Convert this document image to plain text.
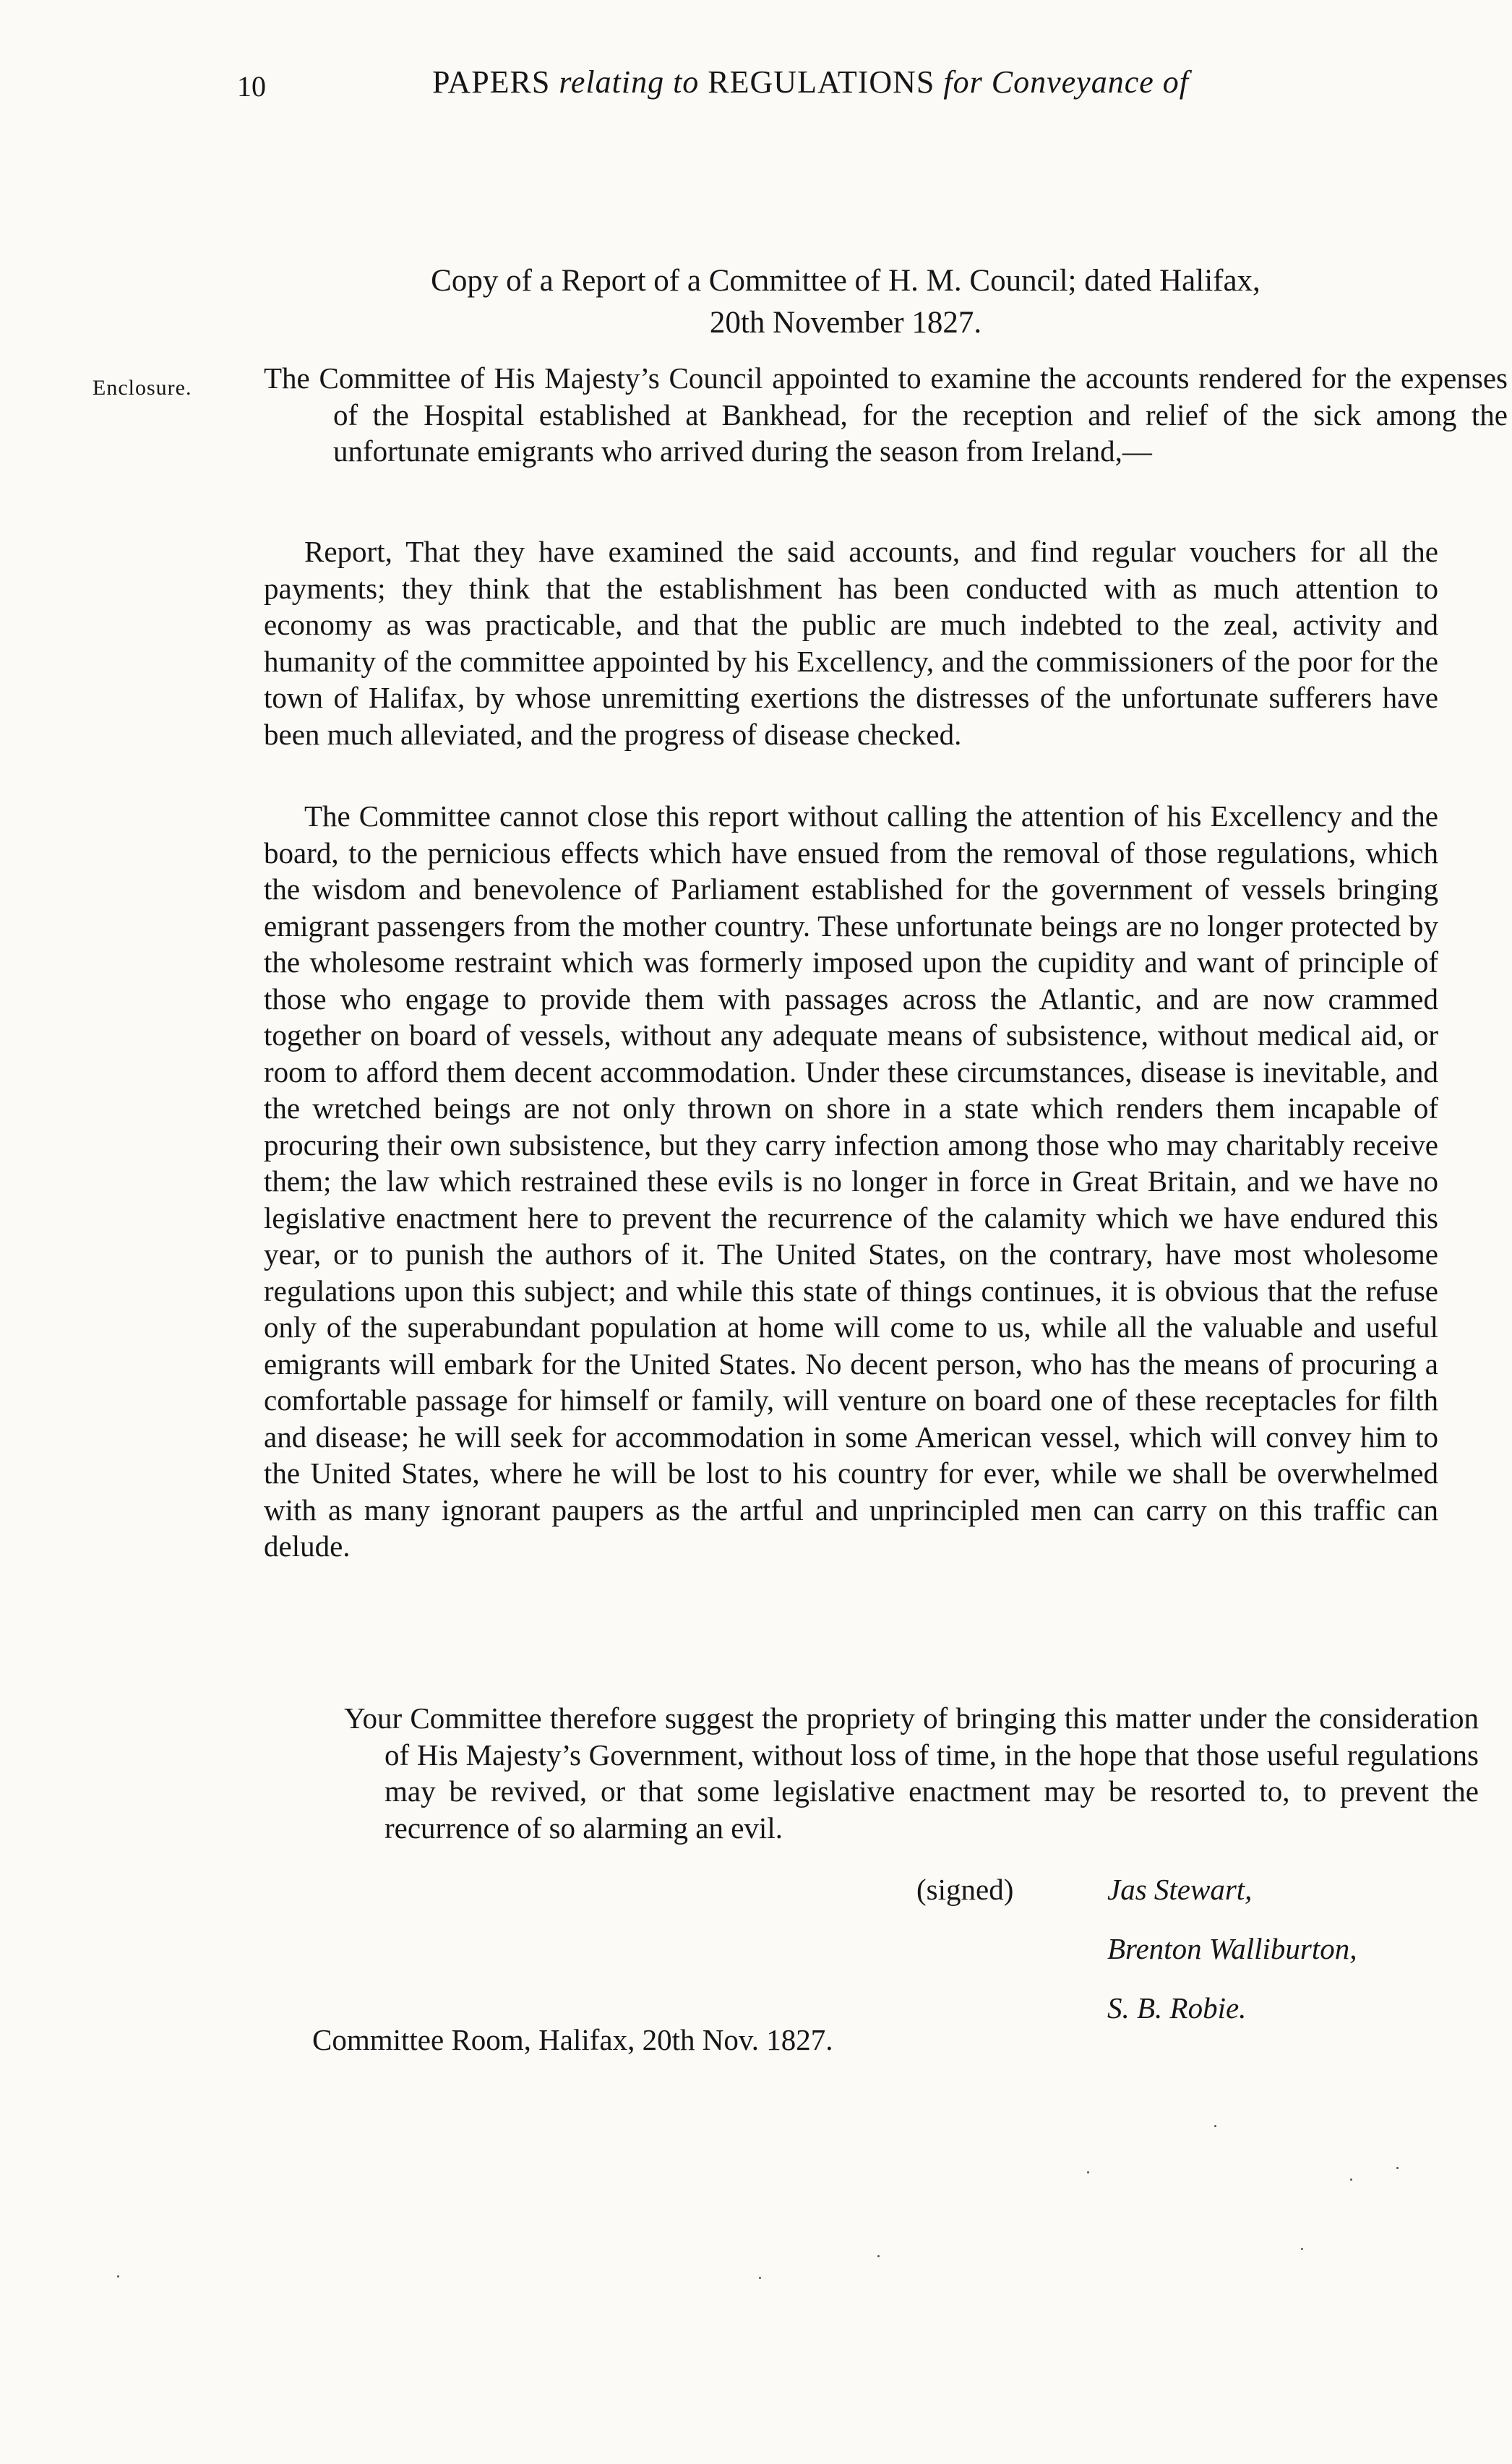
10	PAPERS relating to REGULATIONS for Conveyance of
Copy of a Report of a Committee of H. M. Council; dated Halifax,
20th November 1827.
Enclosure. The Committee of His Majesty’s Council appointed to examine the accounts rendered for the expenses of the Hospital established at Bankhead, for the reception and relief of the sick among the unfortunate emigrants who arrived during the season from Ireland,—

Report, That they have examined the said accounts, and find regular vouchers for all the payments; they think that the establishment has been conducted with as much attention to economy as was practicable, and that the public are much indebted to the zeal, activity and humanity of the committee appointed by his Excellency, and the commissioners of the poor for the town of Halifax, by whose unremitting exertions the distresses of the unfortunate sufferers have been much alleviated, and the progress of disease checked.

The Committee cannot close this report without calling the attention of his Excellency and the board, to the pernicious effects which have ensued from the removal of those regulations, which the wisdom and benevolence of Parliament established for the government of vessels bringing emigrant passengers from the mother country. These unfortunate beings are no longer protected by the wholesome restraint which was formerly imposed upon the cupidity and want of principle of those who engage to provide them with passages across the Atlantic, and are now crammed together on board of vessels, without any adequate means of subsistence, without medical aid, or room to afford them decent accommodation. Under these circumstances, disease is inevitable, and the wretched beings are not only thrown on shore in a state which renders them incapable of procuring their own subsistence, but they carry infection among those who may charitably receive them; the law which restrained these evils is no longer in force in Great Britain, and we have no legislative enactment here to prevent the recurrence of the calamity which we have endured this year, or to punish the authors of it. The United States, on the contrary, have most wholesome regulations upon this subject; and while this state of things continues, it is obvious that the refuse only of the superabundant population at home will come to us, while all the valuable and useful emigrants will embark for the United States. No decent person, who has the means of procuring a comfortable passage for himself or family, will venture on board one of these receptacles for filth and disease; he will seek for accommodation in some American vessel, which will convey him to the United States, where he will be lost to his country for ever, while we shall be overwhelmed with as many ignorant paupers as the artful and unprincipled men can carry on this traffic can delude.

Your Committee therefore suggest the propriety of bringing this matter under the consideration of His Majesty’s Government, without loss of time, in the hope that those useful regulations may be revived, or that some legislative enactment may be resorted to, to prevent the recurrence of so alarming an evil.

(signed)	Jas Stewart,
Brenton Walliburton,
S. B. Robie.
Committee Room, Halifax, 20th Nov. 1827.
